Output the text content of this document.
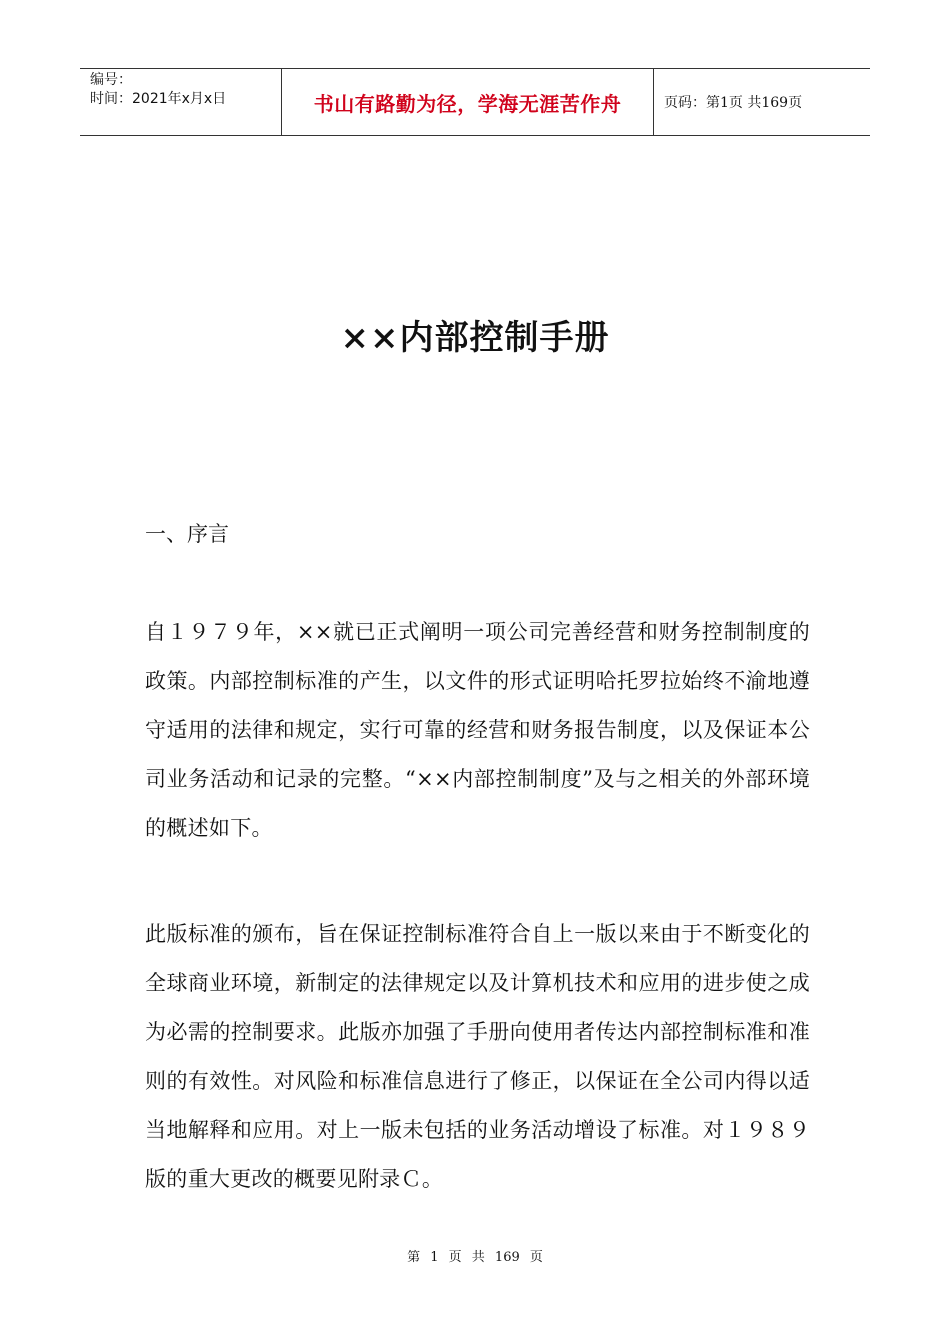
编号：
时间：2021年x月x日	书山有路勤为径，学海无涯苦作舟	页码：第1页 共169页
××内部控制手册
一、序言

自１９７９年，××就已正式阐明一项公司完善经营和财务控制制度的政策。内部控制标准的产生，以文件的形式证明哈托罗拉始终不渝地遵守适用的法律和规定，实行可靠的经营和财务报告制度，以及保证本公司业务活动和记录的完整。“××内部控制制度”及与之相关的外部环境的概述如下。

此版标准的颁布，旨在保证控制标准符合自上一版以来由于不断变化的全球商业环境，新制定的法律规定以及计算机技术和应用的进步使之成为必需的控制要求。此版亦加强了手册向使用者传达内部控制标准和准则的有效性。对风险和标准信息进行了修正，以保证在全公司内得以适当地解释和应用。对上一版未包括的业务活动增设了标准。对１９８９版的重大更改的概要见附录Ｃ。

第 1 页 共 169 页
